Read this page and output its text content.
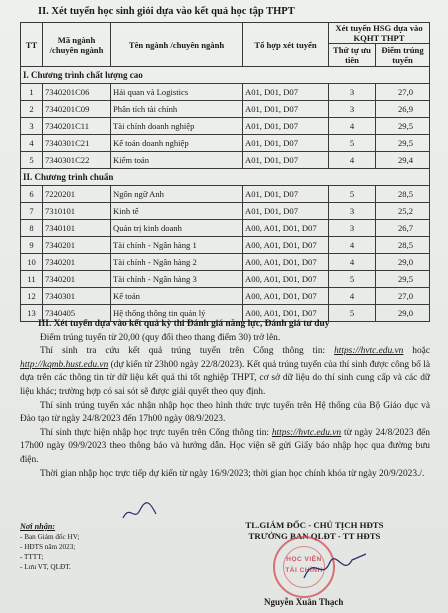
II. Xét tuyển học sinh giỏi dựa vào kết quả học tập THPT
TT	Mã ngành /chuyên ngành	Tên ngành /chuyên ngành	Tổ hợp xét tuyển	Xét tuyển HSG dựa vào KQHT THPT	
				Thứ tự ưu tiên	Điểm trúng tuyển
I. Chương trình chất lượng cao					
1	7340201C06	Hải quan và Logistics	A01, D01, D07	3	27,0
2	7340201C09	Phân tích tài chính	A01, D01, D07	3	26,9
3	7340201C11	Tài chính doanh nghiệp	A01, D01, D07	4	29,5
4	7340301C21	Kế toán doanh nghiệp	A01, D01, D07	5	29,5
5	7340301C22	Kiểm toán	A01, D01, D07	4	29,4
II. Chương trình chuẩn					
6	7220201	Ngôn ngữ Anh	A01, D01, D07	5	28,5
7	7310101	Kinh tế	A01, D01, D07	3	25,2
8	7340101	Quản trị kinh doanh	A00, A01, D01, D07	3	26,7
9	7340201	Tài chính - Ngân hàng 1	A00, A01, D01, D07	4	28,5
10	7340201	Tài chính - Ngân hàng 2	A00, A01, D01, D07	4	29,0
11	7340201	Tài chính - Ngân hàng 3	A00, A01, D01, D07	5	29,5
12	7340301	Kế toán	A00, A01, D01, D07	4	27,0
13	7340405	Hệ thống thông tin quản lý	A00, A01, D01, D07	5	29,0

III. Xét tuyển dựa vào kết quả kỳ thi Đánh giá năng lực, Đánh giá tư duy

Điểm trúng tuyển từ 20,00 (quy đổi theo thang điểm 30) trở lên.

Thí sinh tra cứu kết quả trúng tuyển trên Cổng thông tin: https://hvtc.edu.vn hoặc http://kqmb.hust.edu.vn (dự kiến từ 23h00 ngày 22/8/2023). Kết quả trúng tuyển của thí sinh được công bố là dựa trên các thông tin từ dữ liệu kết quả thi tốt nghiệp THPT, cơ sở dữ liệu do thí sinh cung cấp và các dữ liệu khác; trường hợp có sai sót sẽ được giải quyết theo quy định.

Thí sinh trúng tuyển xác nhận nhập học theo hình thức trực tuyến trên Hệ thống của Bộ Giáo dục và Đào tạo từ ngày 24/8/2023 đến 17h00 ngày 08/9/2023.

Thí sinh thực hiện nhập học trực tuyến trên Cổng thông tin: https://hvtc.edu.vn từ ngày 24/8/2023 đến 17h00 ngày 09/9/2023 theo thông báo và hướng dẫn. Học viện sẽ gửi Giấy báo nhập học qua đường bưu điện.

Thời gian nhập học trực tiếp dự kiến từ ngày 16/9/2023; thời gian học chính khóa từ ngày 20/9/2023./.

Nơi nhận:
- Ban Giám đốc HV;
- HĐTS năm 2023;
- TTTT;
- Lưu VT, QLĐT.
TL.GIÁM ĐỐC - CHỦ TỊCH HĐTS
TRƯỞNG BAN QLĐT - TT HĐTS
HỌC VIỆN
TÀI CHÍNH
Nguyễn Xuân Thạch
